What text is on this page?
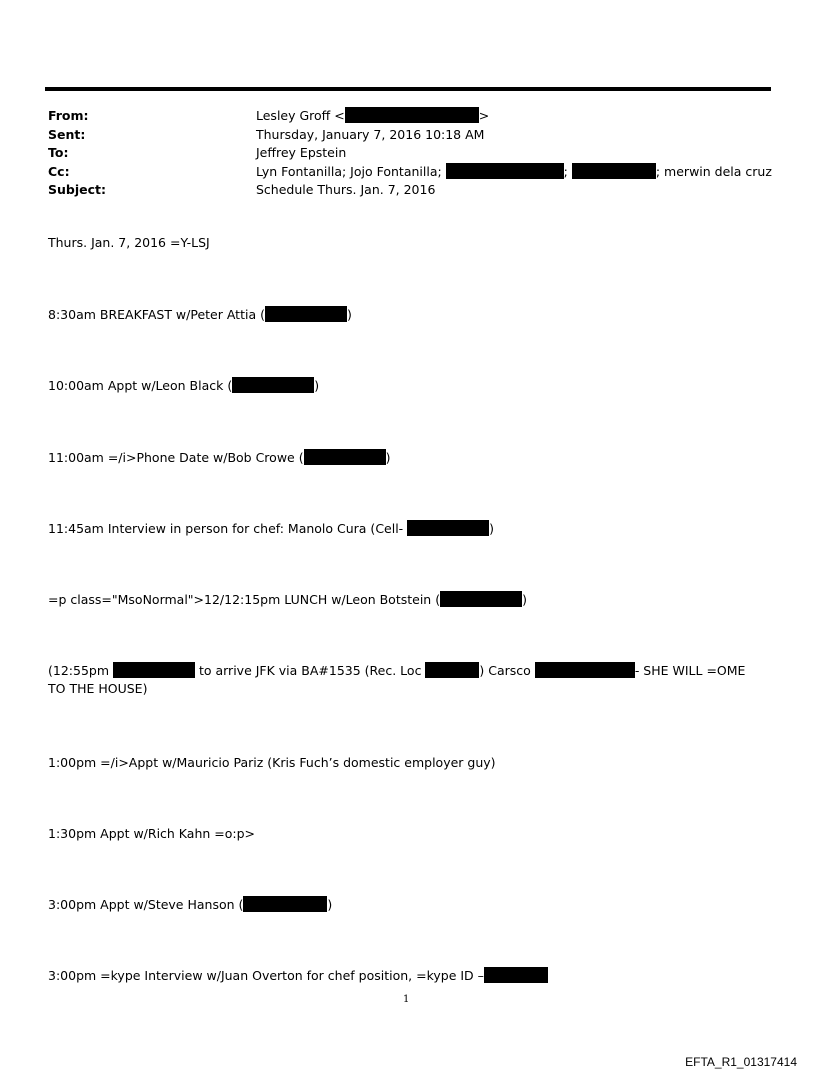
From:	Lesley Groff <	>
Sent:	Thursday, January 7, 2016 10:18 AM
To:	Jeffrey Epstein
Cc:	Lyn Fontanilla; Jojo Fontanilla;	;	; merwin dela cruz
Subject:	Schedule Thurs. Jan. 7, 2016
Thurs. Jan. 7, 2016 =Y-LSJ
8:30am BREAKFAST w/Peter Attia (	)
10:00am Appt w/Leon Black (	)
11:00am =/i>Phone Date w/Bob Crowe (	)
11:45am Interview in person for chef: Manolo Cura (Cell-	)
=p class="MsoNormal">12/12:15pm LUNCH w/Leon Botstein (	)
(12:55pm	to arrive JFK via BA#1535 (Rec. Loc	) Carsco	- SHE WILL =OME TO THE HOUSE)
1:00pm =/i>Appt w/Mauricio Pariz (Kris Fuch’s domestic employer guy)
1:30pm Appt w/Rich Kahn =o:p>
3:00pm Appt w/Steve Hanson (	)
3:00pm =kype Interview w/Juan Overton for chef position, =kype ID –
1
EFTA_R1_01317414
